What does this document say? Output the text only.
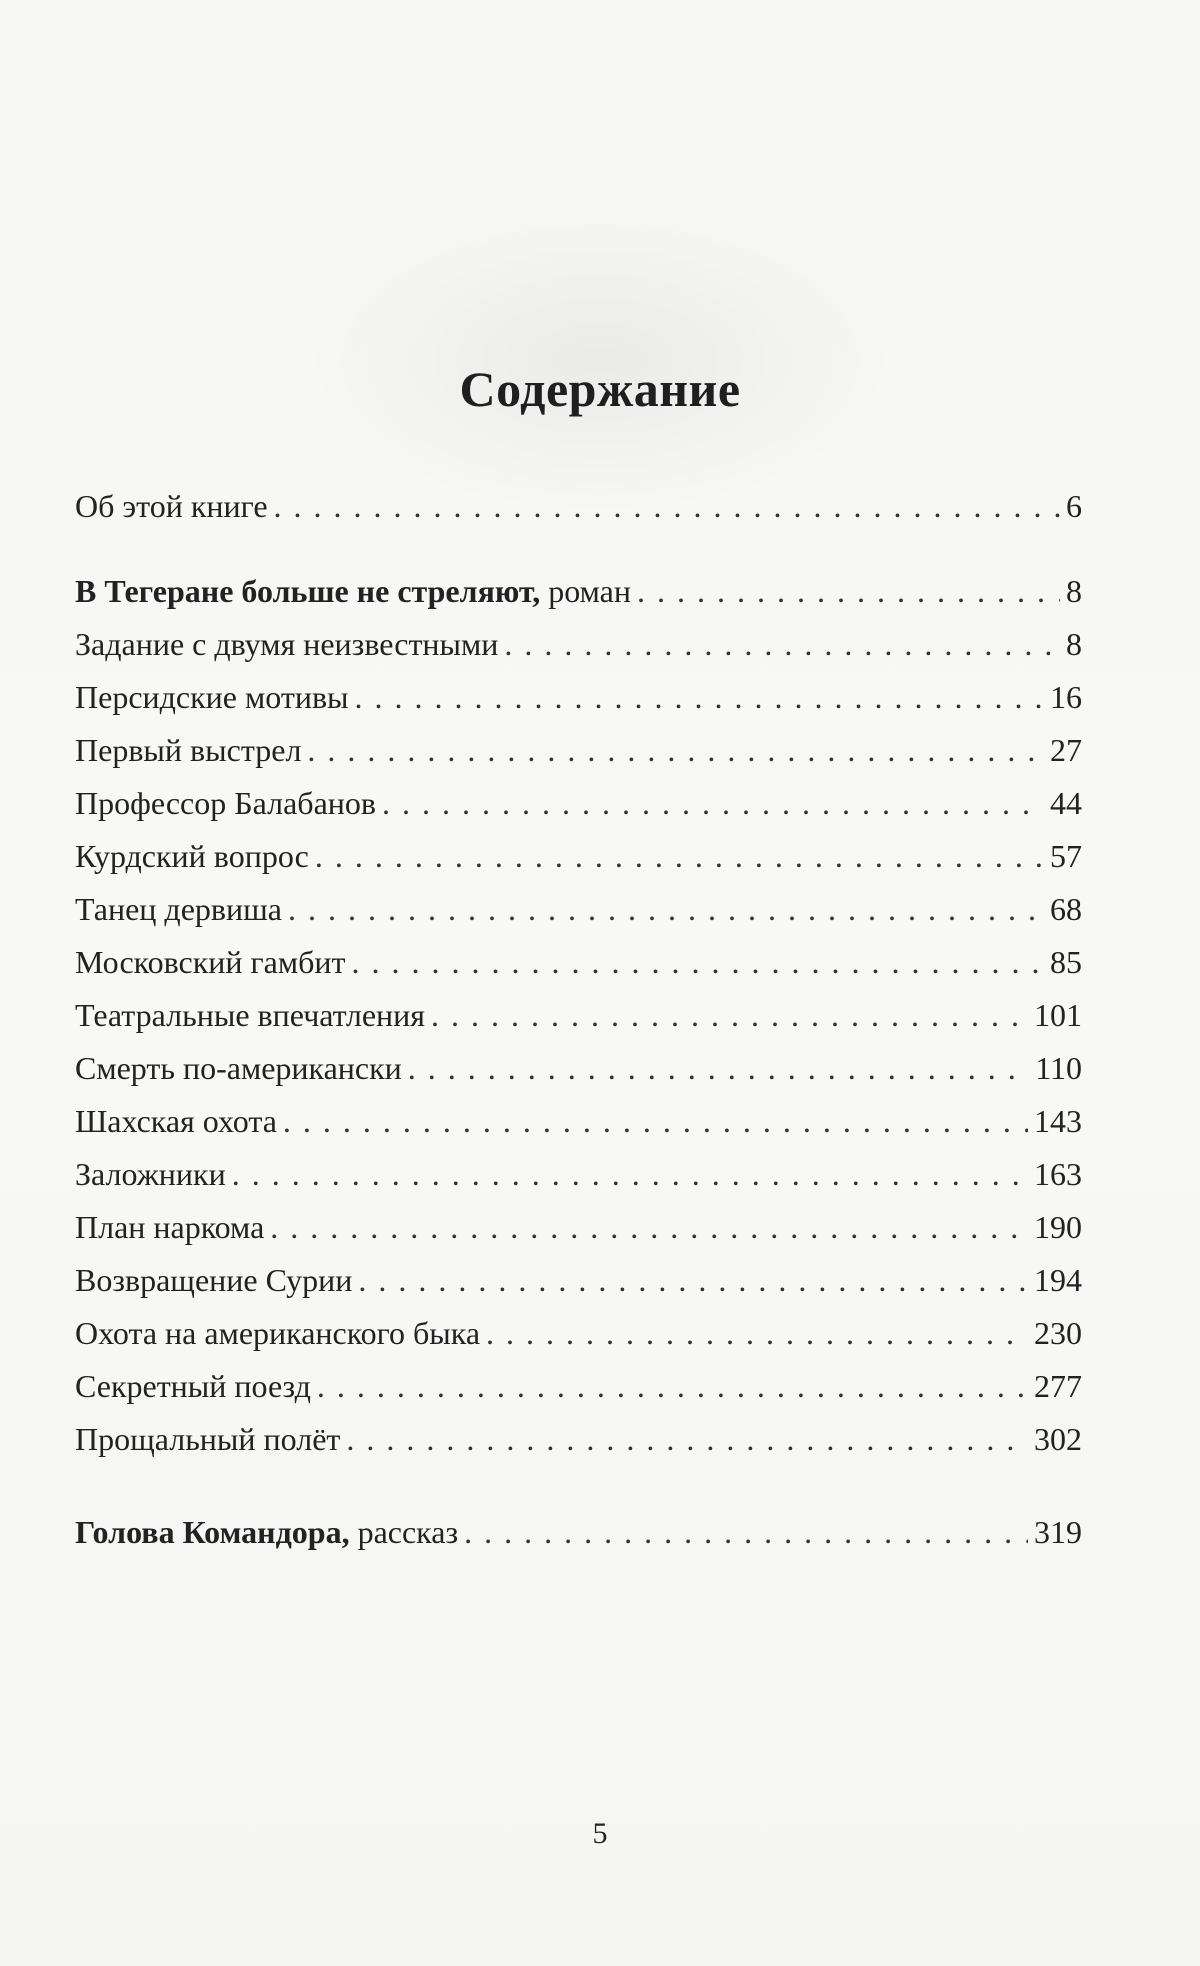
Содержание
Об этой книге . . .	6
В Тегеране больше не стреляют, роман . . .	8
Задание с двумя неизвестными . . .	8
Персидские мотивы . . .	16
Первый выстрел . . .	27
Профессор Балабанов . . .	44
Курдский вопрос . . .	57
Танец дервиша . . .	68
Московский гамбит . . .	85
Театральные впечатления . . .	101
Смерть по-американски . . .	110
Шахская охота . . .	143
Заложники . . .	163
План наркома . . .	190
Возвращение Сурии . . .	194
Охота на американского быка . . .	230
Секретный поезд . . .	277
Прощальный полёт . . .	302
Голова Командора, рассказ . . .	319
5
